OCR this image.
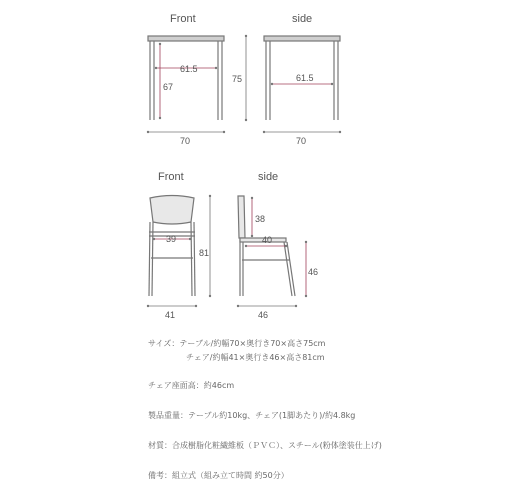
Front
61.5
67
70
side
75	61.5
70
Front
39
81
41
side
38
40
46
46
サイズ：テーブル/約幅70×奥行き70×高さ75cm
チェア/約幅41×奥行き46×高さ81cm
チェア座面高：約46cm
製品重量：テーブル約10kg、チェア(1脚あたり)/約4.8kg
材質：合成樹脂化粧繊維板（ＰＶＣ）、スチール(粉体塗装仕上げ)
備考：組立式（組み立て時間 約50分）
